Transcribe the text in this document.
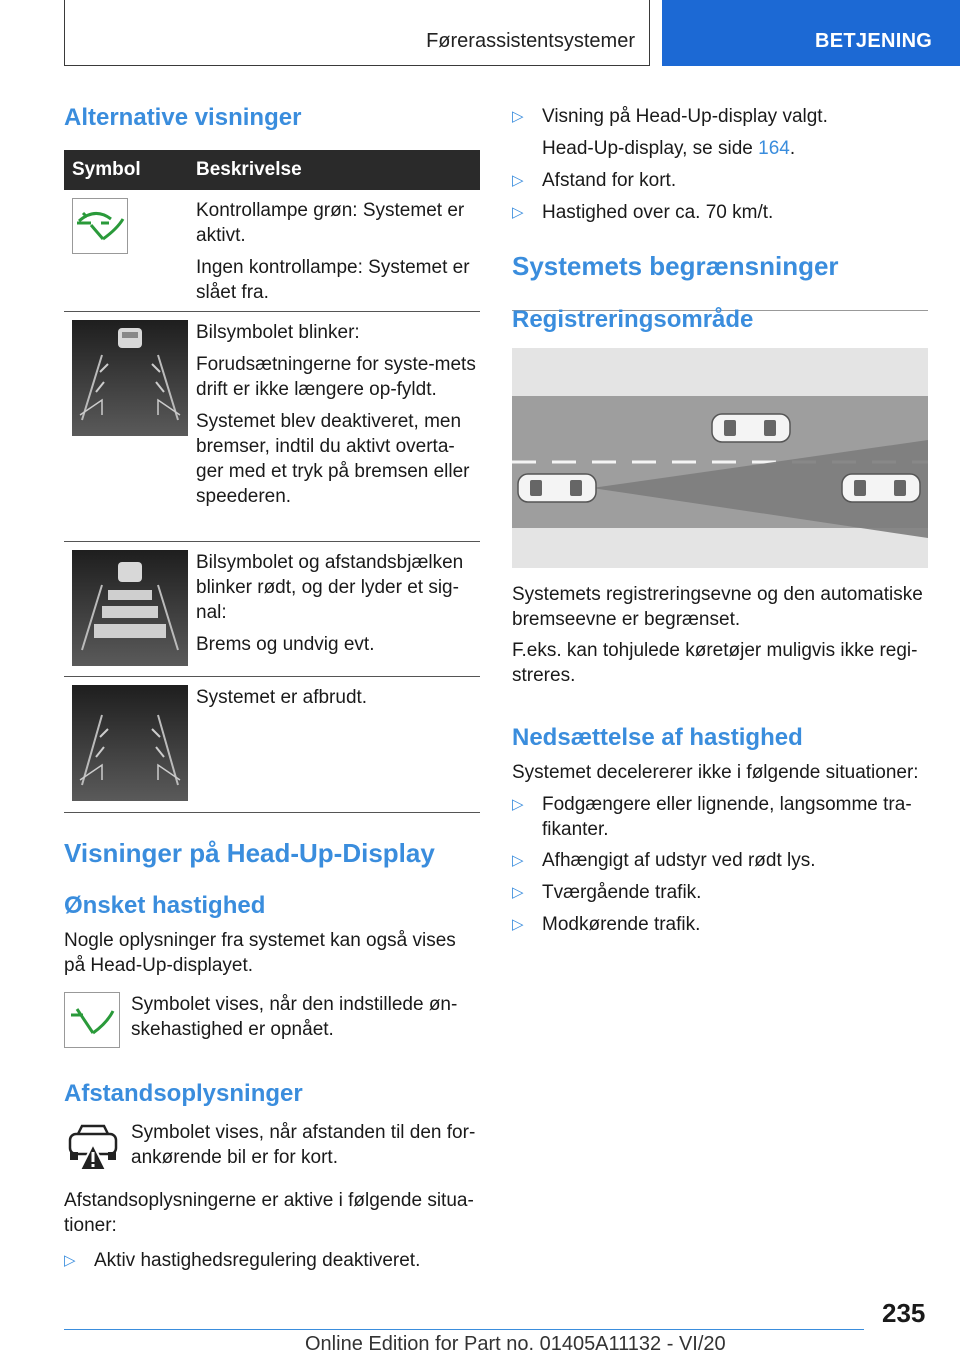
Førerassistentsystemer	BETJENING
Alternative visninger
Symbol	Beskrivelse
Kontrollampe grøn: Systemet er aktivt.
Ingen kontrollampe: Systemet er slået fra.
Bilsymbolet blinker:
Forudsætningerne for syste-mets drift er ikke længere op-fyldt.
Systemet blev deaktiveret, men bremser, indtil du aktivt overta-ger med et tryk på bremsen eller speederen.
Bilsymbolet og afstandsbjælken blinker rødt, og der lyder et sig-nal:
Brems og undvig evt.
Systemet er afbrudt.
Visninger på Head-Up-Display
Ønsket hastighed
Nogle oplysninger fra systemet kan også vises på Head-Up-displayet.
Symbolet vises, når den indstillede øn-skehastighed er opnået.
Afstandsoplysninger
Symbolet vises, når afstanden til den for-ankørende bil er for kort.
Afstandsoplysningerne er aktive i følgende situa-tioner:
▷ Aktiv hastighedsregulering deaktiveret.
▷ Visning på Head-Up-display valgt.
Head-Up-display, se side 164.
▷ Afstand for kort.
▷ Hastighed over ca. 70 km/t.
Systemets begrænsninger
Registreringsområde
Systemets registreringsevne og den automatiske bremseevne er begrænset.
F.eks. kan tohjulede køretøjer muligvis ikke regi-streres.
Nedsættelse af hastighed
Systemet decelererer ikke i følgende situationer:
▷ Fodgængere eller lignende, langsomme tra-fikanter.
▷ Afhængigt af udstyr ved rødt lys.
▷ Tværgående trafik.
▷ Modkørende trafik.
235
Online Edition for Part no. 01405A11132 - VI/20
